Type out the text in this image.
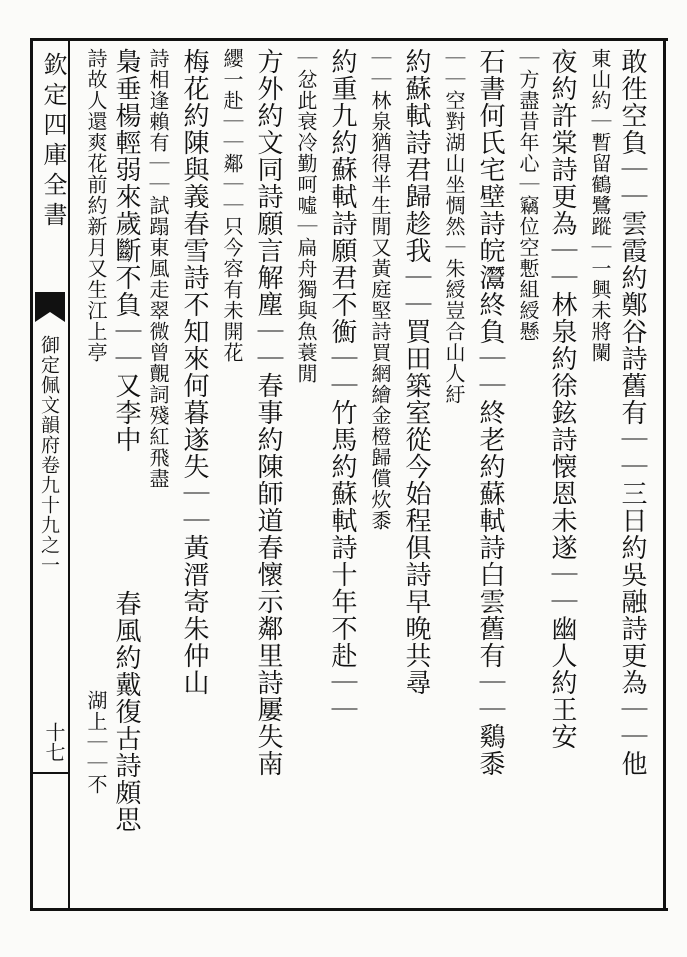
欽定四庫全書
御定佩文韻府卷九十九之一
十七	敢徃空負｜｜雲霞約鄭谷詩舊有｜｜三日約吳融詩更為｜｜他
東山約｜暫留鶴鷺蹤｜一興未將闌
夜約許棠詩更為｜｜林泉約徐鉉詩懐恩未遂｜｜幽人約王安
｜方盡昔年心｜竊位空慙組綬懸
石書何氏宅壁詩皖灊終負｜｜終老約蘇軾詩白雲舊有｜｜鷄黍
｜｜空對湖山坐惆然｜朱綬豈合山人紆
約蘇軾詩君歸趁我｜｜買田築室從今始程俱詩早晚共尋
｜｜林泉猶得半生閒又黃庭堅詩買網繪金橙歸償炊黍
約重九約蘇軾詩願君不𢖍｜｜竹馬約蘇軾詩十年不赴｜｜
｜忿此衰冷勤呵噓｜扁舟獨與魚蓑閒
方外約文同詩願言解塵｜｜春事約陳師道春懷示鄰里詩屢失南
纓一赴｜｜鄰｜｜只今容有未開花
梅花約陳與義春雪詩不知來何暮遂失｜｜黃溍寄朱仲山
詩相逢賴有｜｜試蹋東風走翠微曾覿詞殘紅飛盡
梟垂楊輕弱來歲斷不負｜｜又李中
詩故人還爽花前約新月又生江上亭
春風約戴復古詩頗思
湖上｜｜不
